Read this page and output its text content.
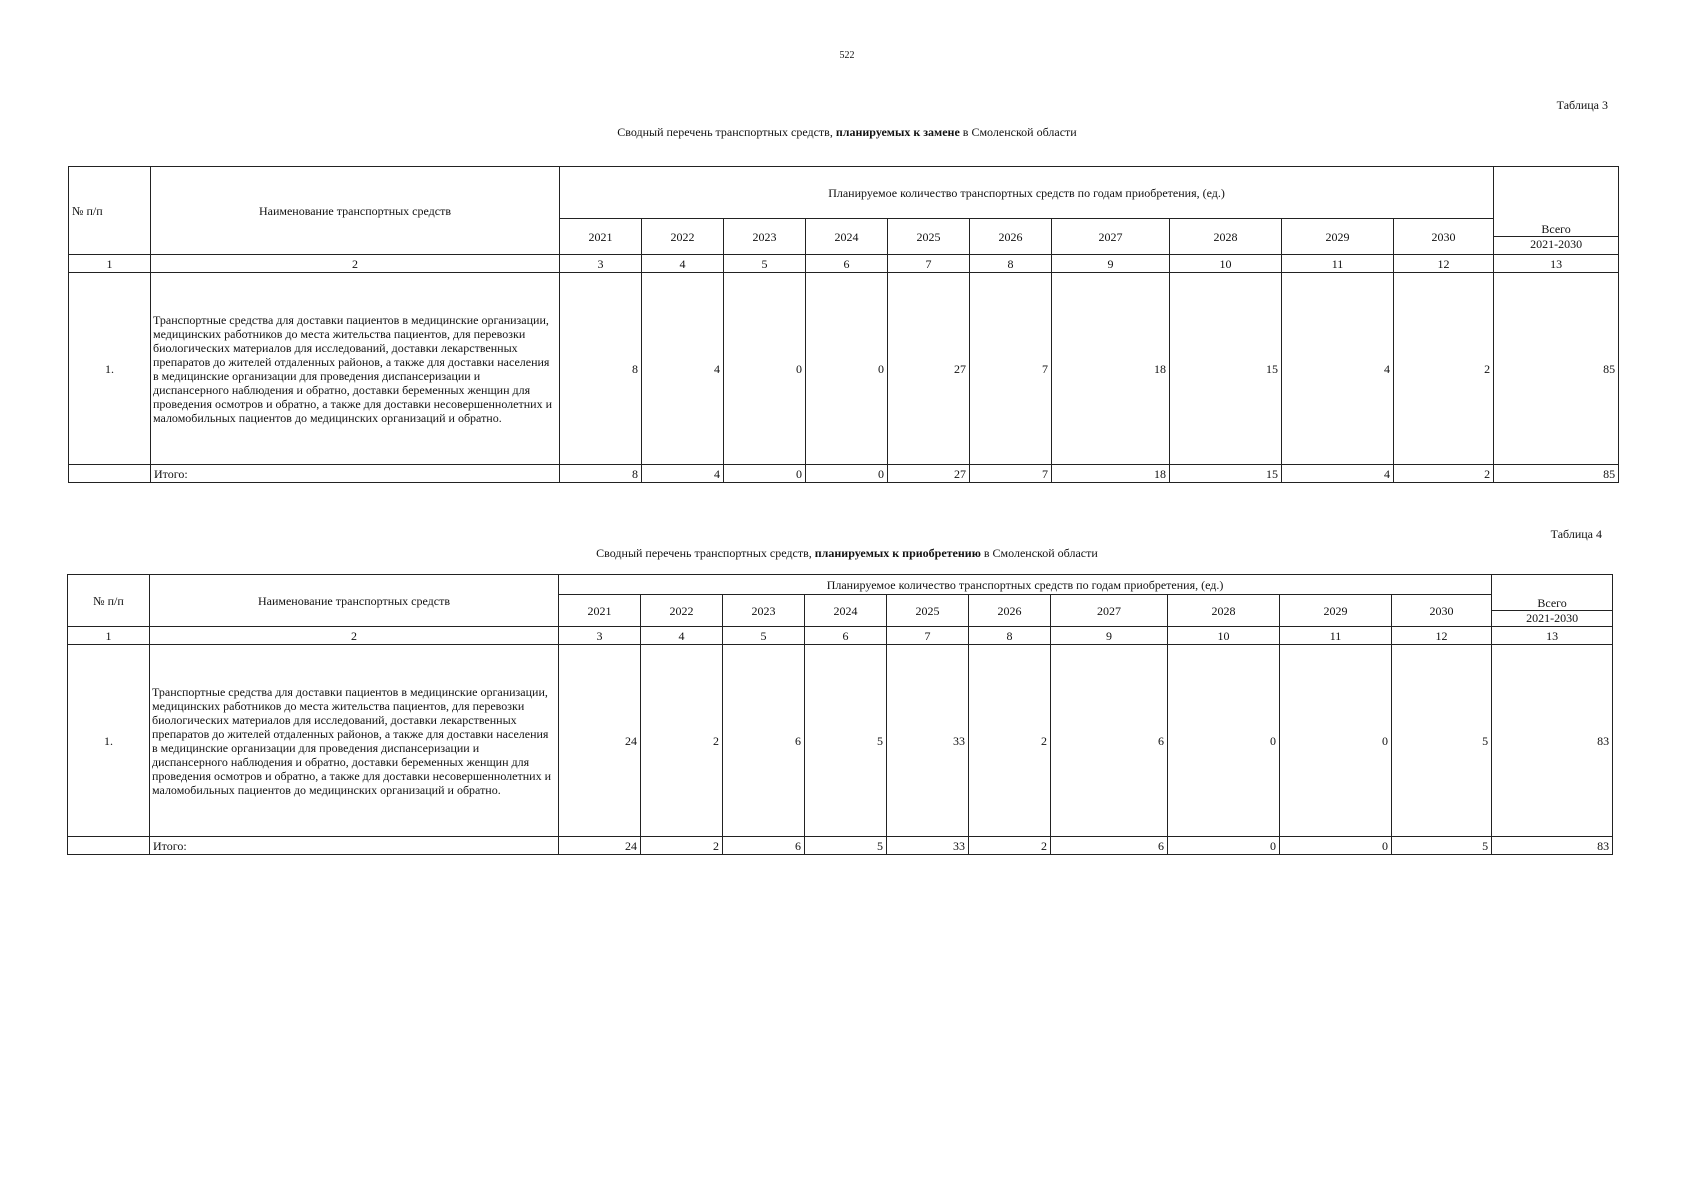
522
Таблица 3
Сводный перечень транспортных средств, планируемых к замене в Смоленской области
№ п/п	Наименование транспортных средств	Планируемое количество транспортных средств по годам приобретения, (ед.)										
		2021	2022	2023	2024	2025	2026	2027	2028	2029	2030	Всего
2021-2030

1	2	3	4	5	6	7	8	9	10	11	12	13
1.	Транспортные средства для доставки пациентов в медицинские организации, медицинских работников до места жительства пациентов, для перевозки биологических материалов для исследований, доставки лекарственных препаратов до жителей отдаленных районов, а также для доставки населения в медицинские организации для проведения диспансеризации и диспансерного наблюдения и обратно, доставки беременных женщин для проведения осмотров и обратно, а также для доставки несовершеннолетних и маломобильных пациентов до медицинских организаций и обратно.	8	4	0	0	27	7	18	15	4	2	85
	Итого:	8	4	0	0	27	7	18	15	4	2	85
Таблица 4
Сводный перечень транспортных средств, планируемых к приобретению в Смоленской области
№ п/п	Наименование транспортных средств	Планируемое количество транспортных средств по годам приобретения, (ед.)										
		2021	2022	2023	2024	2025	2026	2027	2028	2029	2030	Всего
2021-2030

1	2	3	4	5	6	7	8	9	10	11	12	13
1.	Транспортные средства для доставки пациентов в медицинские организации, медицинских работников до места жительства пациентов, для перевозки биологических материалов для исследований, доставки лекарственных препаратов до жителей отдаленных районов, а также для доставки населения в медицинские организации для проведения диспансеризации и диспансерного наблюдения и обратно, доставки беременных женщин для проведения осмотров и обратно, а также для доставки несовершеннолетних и маломобильных пациентов до медицинских организаций и обратно.	24	2	6	5	33	2	6	0	0	5	83
	Итого:	24	2	6	5	33	2	6	0	0	5	83
